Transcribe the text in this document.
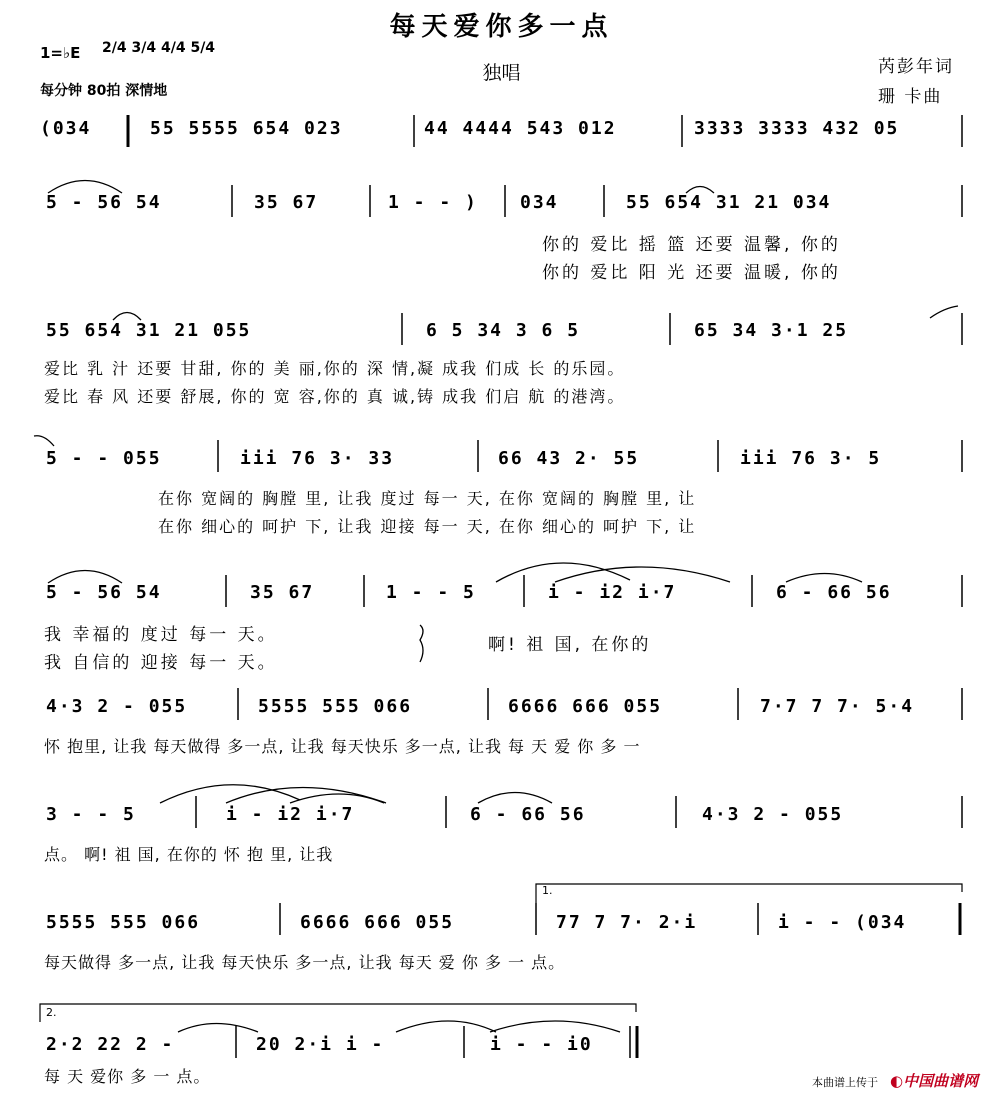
每天爱你多一点
独唱
1=♭E 2/4 3/4 4/4 5/4
每分钟 80拍 深情地
芮彭年词
珊 卡曲
(034	55 5555 654 023	44 4444 543 012	3333 3333 432 05
5 - 56 54	35 67	1 - - ) 034	55 654 31 21 034
你的 爱比 摇 篮 还要 温馨, 你的
你的 爱比 阳 光 还要 温暖, 你的
55 654 31 21 055	6 5 34 3 6 5	65 34 3·1 25
爱比 乳 汁 还要 甘甜, 你的 美 丽,你的 深 情,凝 成我 们成 长 的乐园。
爱比 春 风 还要 舒展, 你的 宽 容,你的 真 诚,铸 成我 们启 航 的港湾。
5 - - 055	iii 76 3· 33	66 43 2· 55	iii 76 3· 5
在你 宽阔的 胸膛 里, 让我 度过 每一 天, 在你 宽阔的 胸膛 里, 让
在你 细心的 呵护 下, 让我 迎接 每一 天, 在你 细心的 呵护 下, 让
5 - 56 54	35 67	1 - - 5	i - i2 i·7	6 - 66 56
我 幸福的 度过 每一 天。
我 自信的 迎接 每一 天。
啊! 祖 国, 在你的
4·3 2 - 055	5555 555 066	6666 666 055	7·7 7 7· 5·4
怀 抱里, 让我 每天做得 多一点, 让我 每天快乐 多一点, 让我 每 天 爱 你 多 一
3 - - 5	i - i2 i·7	6 - 66 56	4·3 2 - 055
点。 啊! 祖 国, 在你的 怀 抱 里, 让我
1.
5555 555 066	6666 666 055	77 7 7· 2·i	i - - (034
每天做得 多一点, 让我 每天快乐 多一点, 让我 每天 爱 你 多 一 点。
2.
2·2 22 2 -	20 2·i i -	i - - i0
每 天 爱你 多 一 点。	本曲谱上传于 ◐中国曲谱网
